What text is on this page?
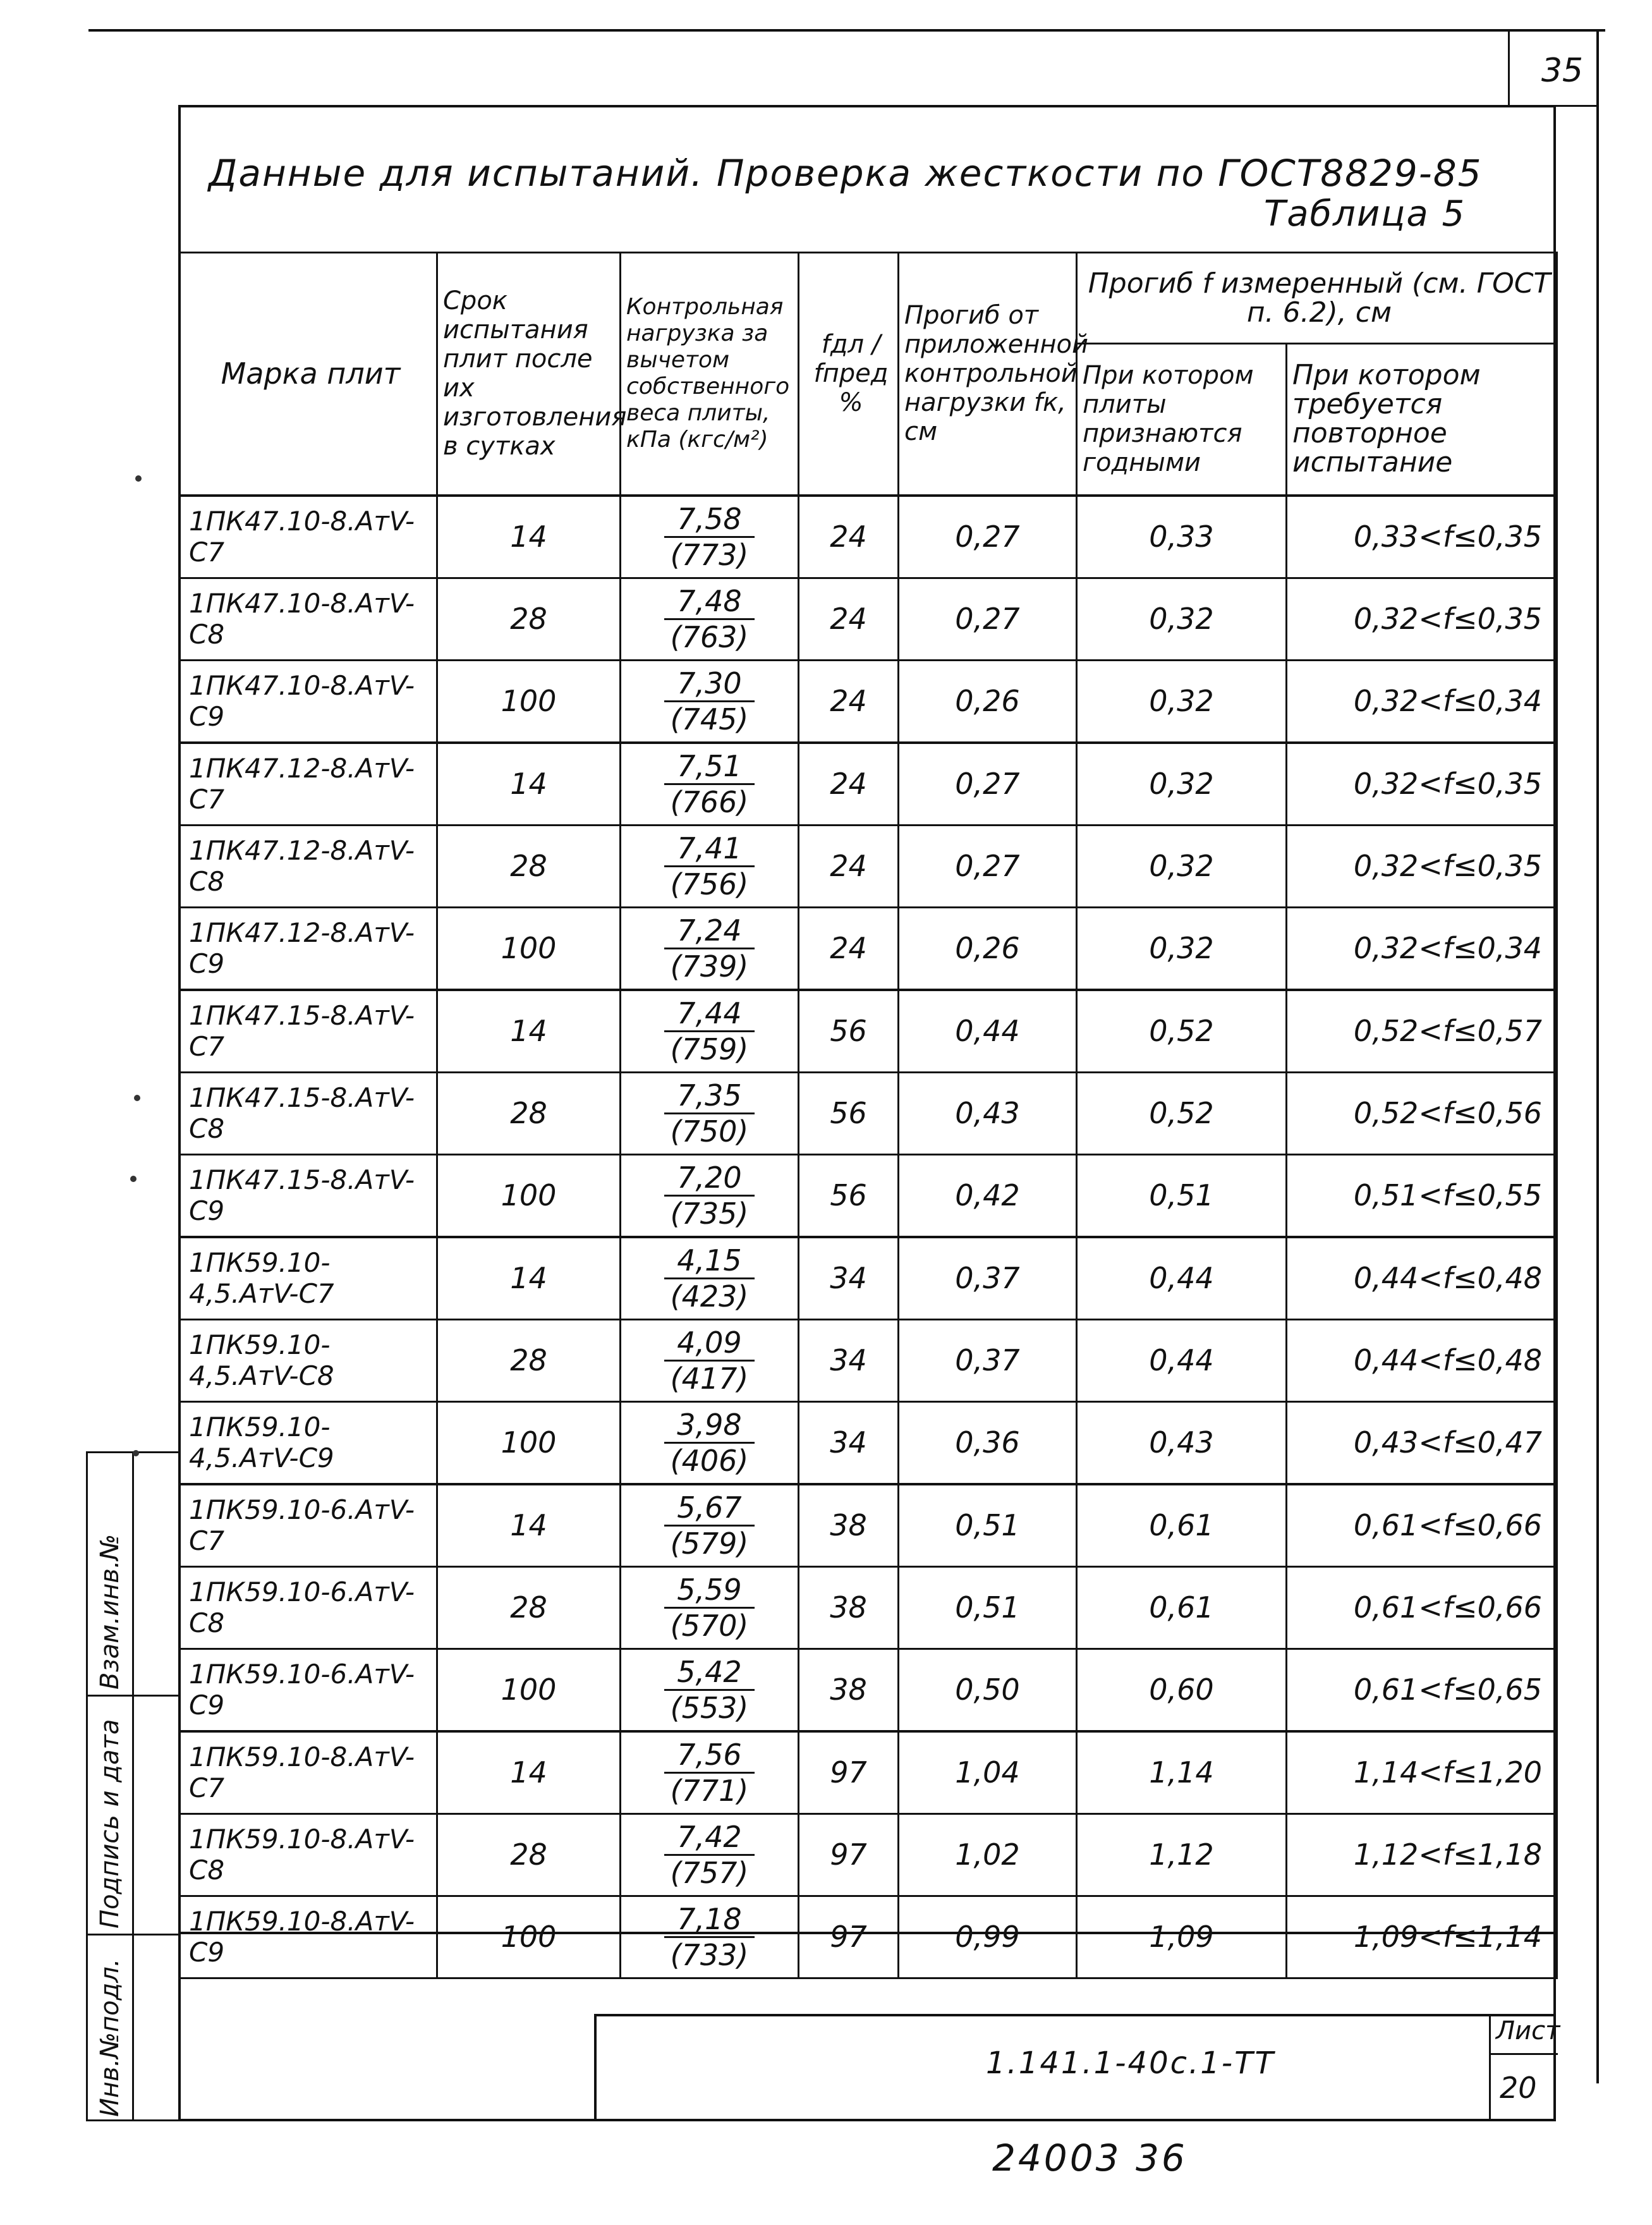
35
Данные для испытаний. Проверка жесткости по ГОСТ8829-85
Таблица 5
Марка плит	Срок испытания плит после их изготовления в сутках	Контрольная нагрузка за вычетом собственного веса плиты, кПа (кгс/м²)	fдл / fпред %	Прогиб от приложенной контрольной нагрузки fк, см	Прогиб f измеренный (см. ГОСТ п. 6.2), см	
					При котором плиты признаются годными	При котором требуется повторное испытание
1ПК47.10-8.АтV-С7	14	$\frac{7,58}{(773)}$	24	0,27	0,33	0,33<f≤0,35
1ПК47.10-8.АтV-С8	28	$\frac{7,48}{(763)}$	24	0,27	0,32	0,32<f≤0,35
1ПК47.10-8.АтV-С9	100	$\frac{7,30}{(745)}$	24	0,26	0,32	0,32<f≤0,34
1ПК47.12-8.АтV-С7	14	$\frac{7,51}{(766)}$	24	0,27	0,32	0,32<f≤0,35
1ПК47.12-8.АтV-С8	28	$\frac{7,41}{(756)}$	24	0,27	0,32	0,32<f≤0,35
1ПК47.12-8.АтV-С9	100	$\frac{7,24}{(739)}$	24	0,26	0,32	0,32<f≤0,34
1ПК47.15-8.АтV-С7	14	$\frac{7,44}{(759)}$	56	0,44	0,52	0,52<f≤0,57
1ПК47.15-8.АтV-С8	28	$\frac{7,35}{(750)}$	56	0,43	0,52	0,52<f≤0,56
1ПК47.15-8.АтV-С9	100	$\frac{7,20}{(735)}$	56	0,42	0,51	0,51<f≤0,55
1ПК59.10-4,5.АтV-С7	14	$\frac{4,15}{(423)}$	34	0,37	0,44	0,44<f≤0,48
1ПК59.10-4,5.АтV-С8	28	$\frac{4,09}{(417)}$	34	0,37	0,44	0,44<f≤0,48
1ПК59.10-4,5.АтV-С9	100	$\frac{3,98}{(406)}$	34	0,36	0,43	0,43<f≤0,47
1ПК59.10-6.АтV-С7	14	$\frac{5,67}{(579)}$	38	0,51	0,61	0,61<f≤0,66
1ПК59.10-6.АтV-С8	28	$\frac{5,59}{(570)}$	38	0,51	0,61	0,61<f≤0,66
1ПК59.10-6.АтV-С9	100	$\frac{5,42}{(553)}$	38	0,50	0,60	0,61<f≤0,65
1ПК59.10-8.АтV-С7	14	$\frac{7,56}{(771)}$	97	1,04	1,14	1,14<f≤1,20
1ПК59.10-8.АтV-С8	28	$\frac{7,42}{(757)}$	97	1,02	1,12	1,12<f≤1,18
1ПК59.10-8.АтV-С9	100	$\frac{7,18}{(733)}$	97	0,99	1,09	1,09<f≤1,14
1.141.1-40с.1-ТТ
Лист
20
Инв.№подл.
Подпись и дата
Взам.инв.№
24003 36
